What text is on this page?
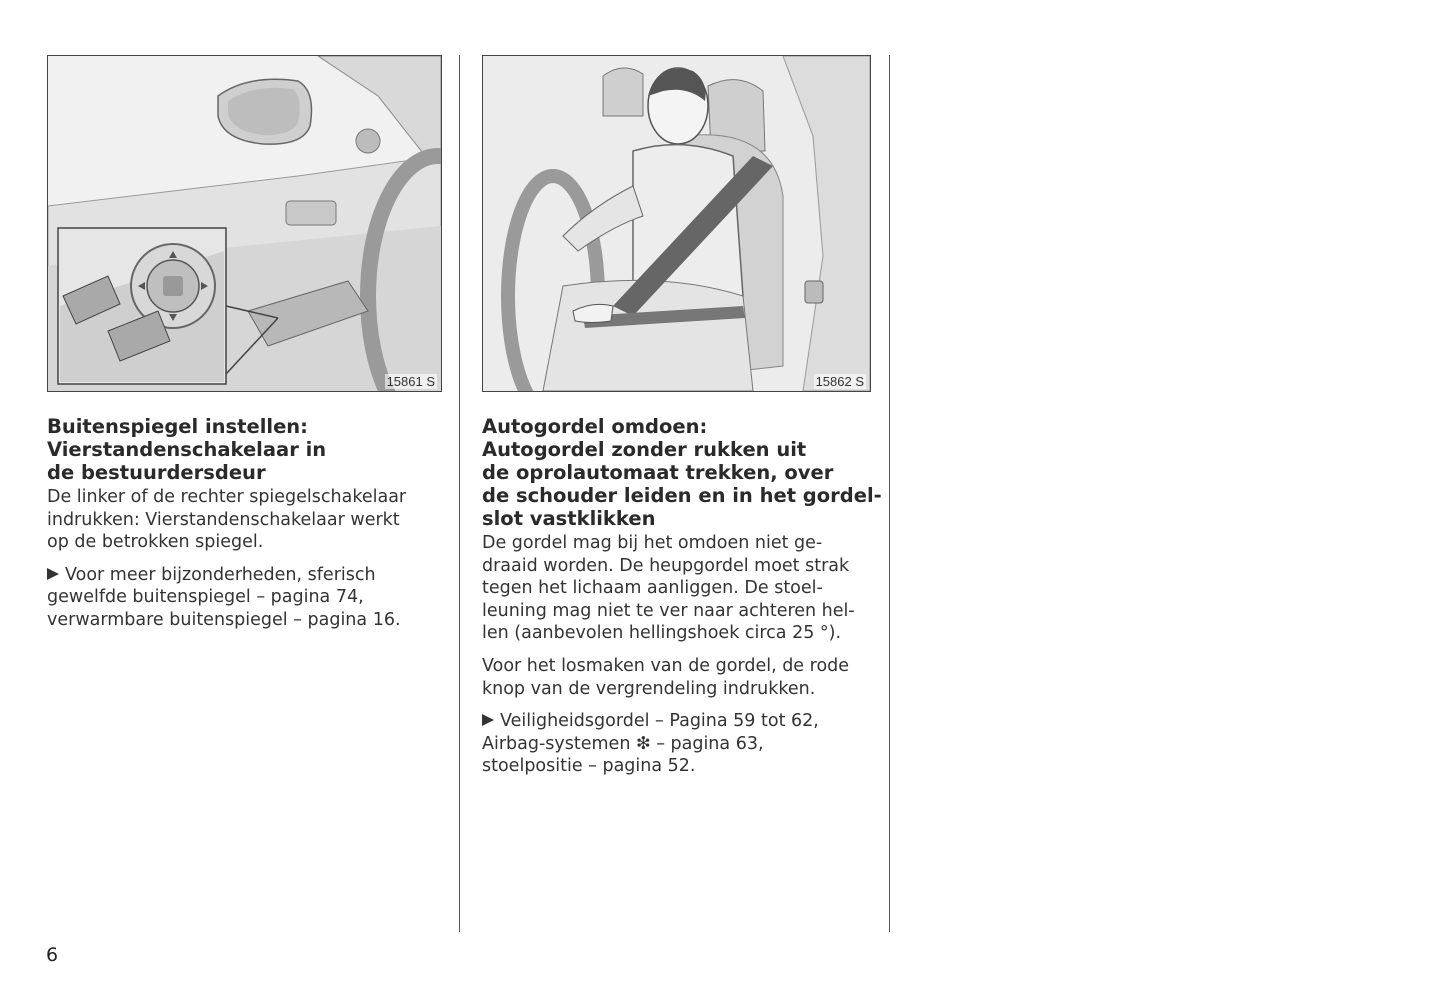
15861 S	15862 S
Buitenspiegel instellen:
Vierstandenschakelaar in
de bestuurdersdeur
De linker of de rechter spiegelschakelaar
indrukken: Vierstandenschakelaar werkt
op de betrokken spiegel.
Voor meer bijzonderheden, sferisch
gewelfde buitenspiegel – pagina 74,
verwarmbare buitenspiegel – pagina 16.
Autogordel omdoen:
Autogordel zonder rukken uit
de oprolautomaat trekken, over
de schouder leiden en in het gordel-
slot vastklikken
De gordel mag bij het omdoen niet ge-
draaid worden. De heupgordel moet strak
tegen het lichaam aanliggen. De stoel-
leuning mag niet te ver naar achteren hel-
len (aanbevolen hellingshoek circa 25 °).
Voor het losmaken van de gordel, de rode
knop van de vergrendeling indrukken.
Veiligheidsgordel – Pagina 59 tot 62,
Airbag-systemen ❇ – pagina 63,
stoelpositie – pagina 52.
6
